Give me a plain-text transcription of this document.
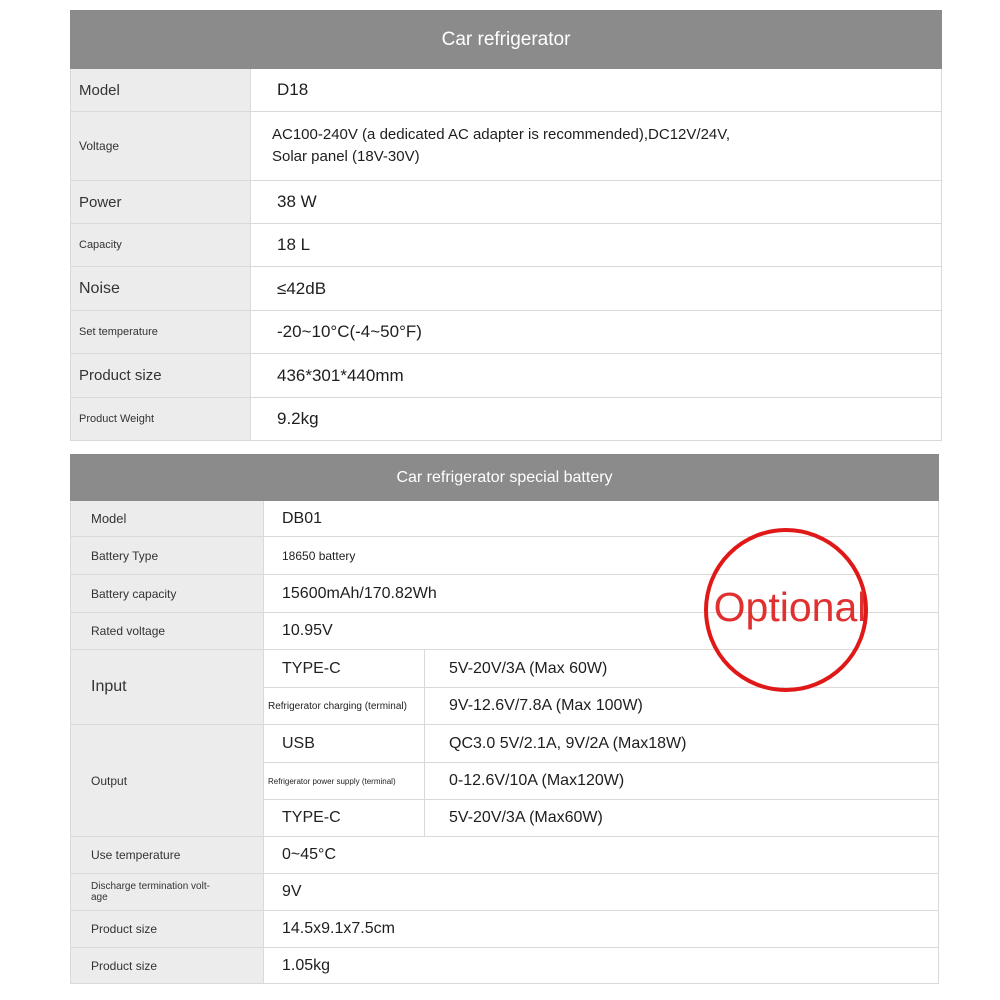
Car refrigerator	
Model	D18
Voltage	AC100-240V (a dedicated AC adapter is recommended),DC12V/24V,
Solar panel (18V-30V)

Power	38 W
Capacity	18 L
Noise	≤42dB
Set temperature	-20~10°C(-4~50°F)
Product size	436*301*440mm
Product Weight	9.2kg
Car refrigerator special battery		
Model	DB01	
Battery Type	18650 battery	
Battery capacity	15600mAh/170.82Wh	
Rated voltage	10.95V	
Input	TYPE-C	5V-20V/3A (Max 60W)
	Refrigerator charging (terminal)	9V-12.6V/7.8A (Max 100W)
Output	USB	QC3.0 5V/2.1A, 9V/2A (Max18W)
	Refrigerator power supply (terminal)	0-12.6V/10A (Max120W)
	TYPE-C	5V-20V/3A (Max60W)
Use temperature	0~45°C	
Discharge termination volt-age	9V	
Product size	14.5x9.1x7.5cm	
Product size	1.05kg	
Optional
